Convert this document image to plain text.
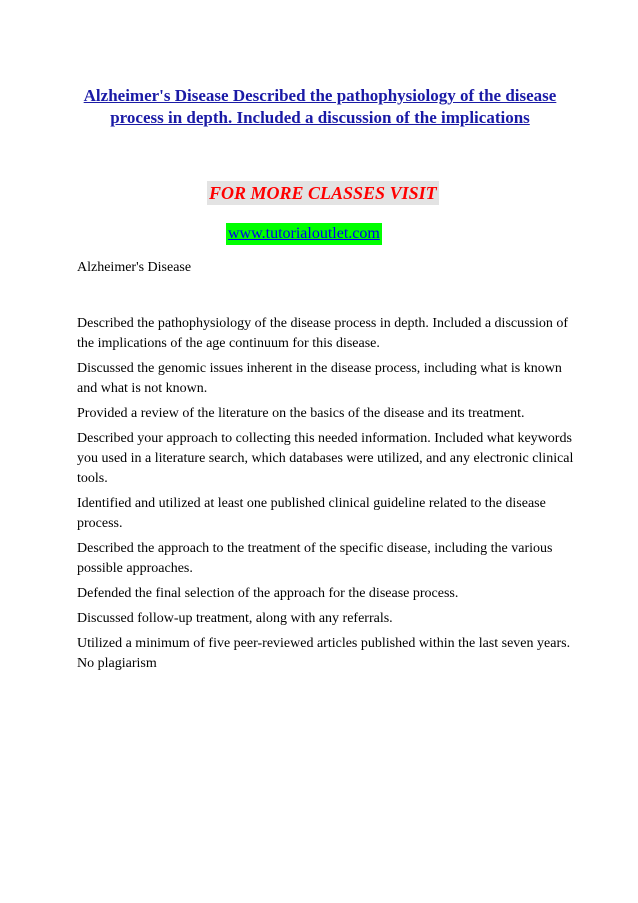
Alzheimer's Disease Described the pathophysiology of the disease process in depth. Included a discussion of the implications
FOR MORE CLASSES VISIT
www.tutorialoutlet.com
Alzheimer's Disease

Described the pathophysiology of the disease process in depth. Included a discussion of the implications of the age continuum for this disease.

Discussed the genomic issues inherent in the disease process, including what is known and what is not known.

Provided a review of the literature on the basics of the disease and its treatment.

Described your approach to collecting this needed information. Included what keywords you used in a literature search, which databases were utilized, and any electronic clinical tools.

Identified and utilized at least one published clinical guideline related to the disease process.

Described the approach to the treatment of the specific disease, including the various possible approaches.

Defended the final selection of the approach for the disease process.

Discussed follow-up treatment, along with any referrals.

Utilized a minimum of five peer-reviewed articles published within the last seven years. No plagiarism
